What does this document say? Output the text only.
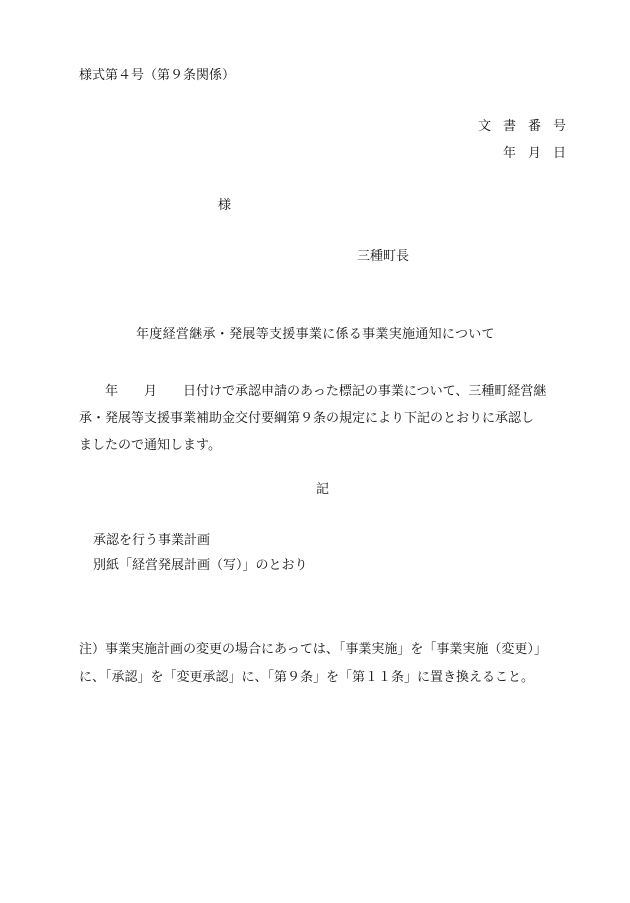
様式第４号（第９条関係）
文書番号
年月日
様
三種町長
年度経営継承・発展等支援事業に係る事業実施通知について
年 月 日付けで承認申請のあった標記の事業について、三種町経営継
承・発展等支援事業補助金交付要綱第９条の規定により下記のとおりに承認し
ましたので通知します。
記
承認を行う事業計画
別紙「経営発展計画（写）」のとおり
注）事業実施計画の変更の場合にあっては、「事業実施」を「事業実施（変更）」
に、「承認」を「変更承認」に、「第９条」を「第１１条」に置き換えること。
